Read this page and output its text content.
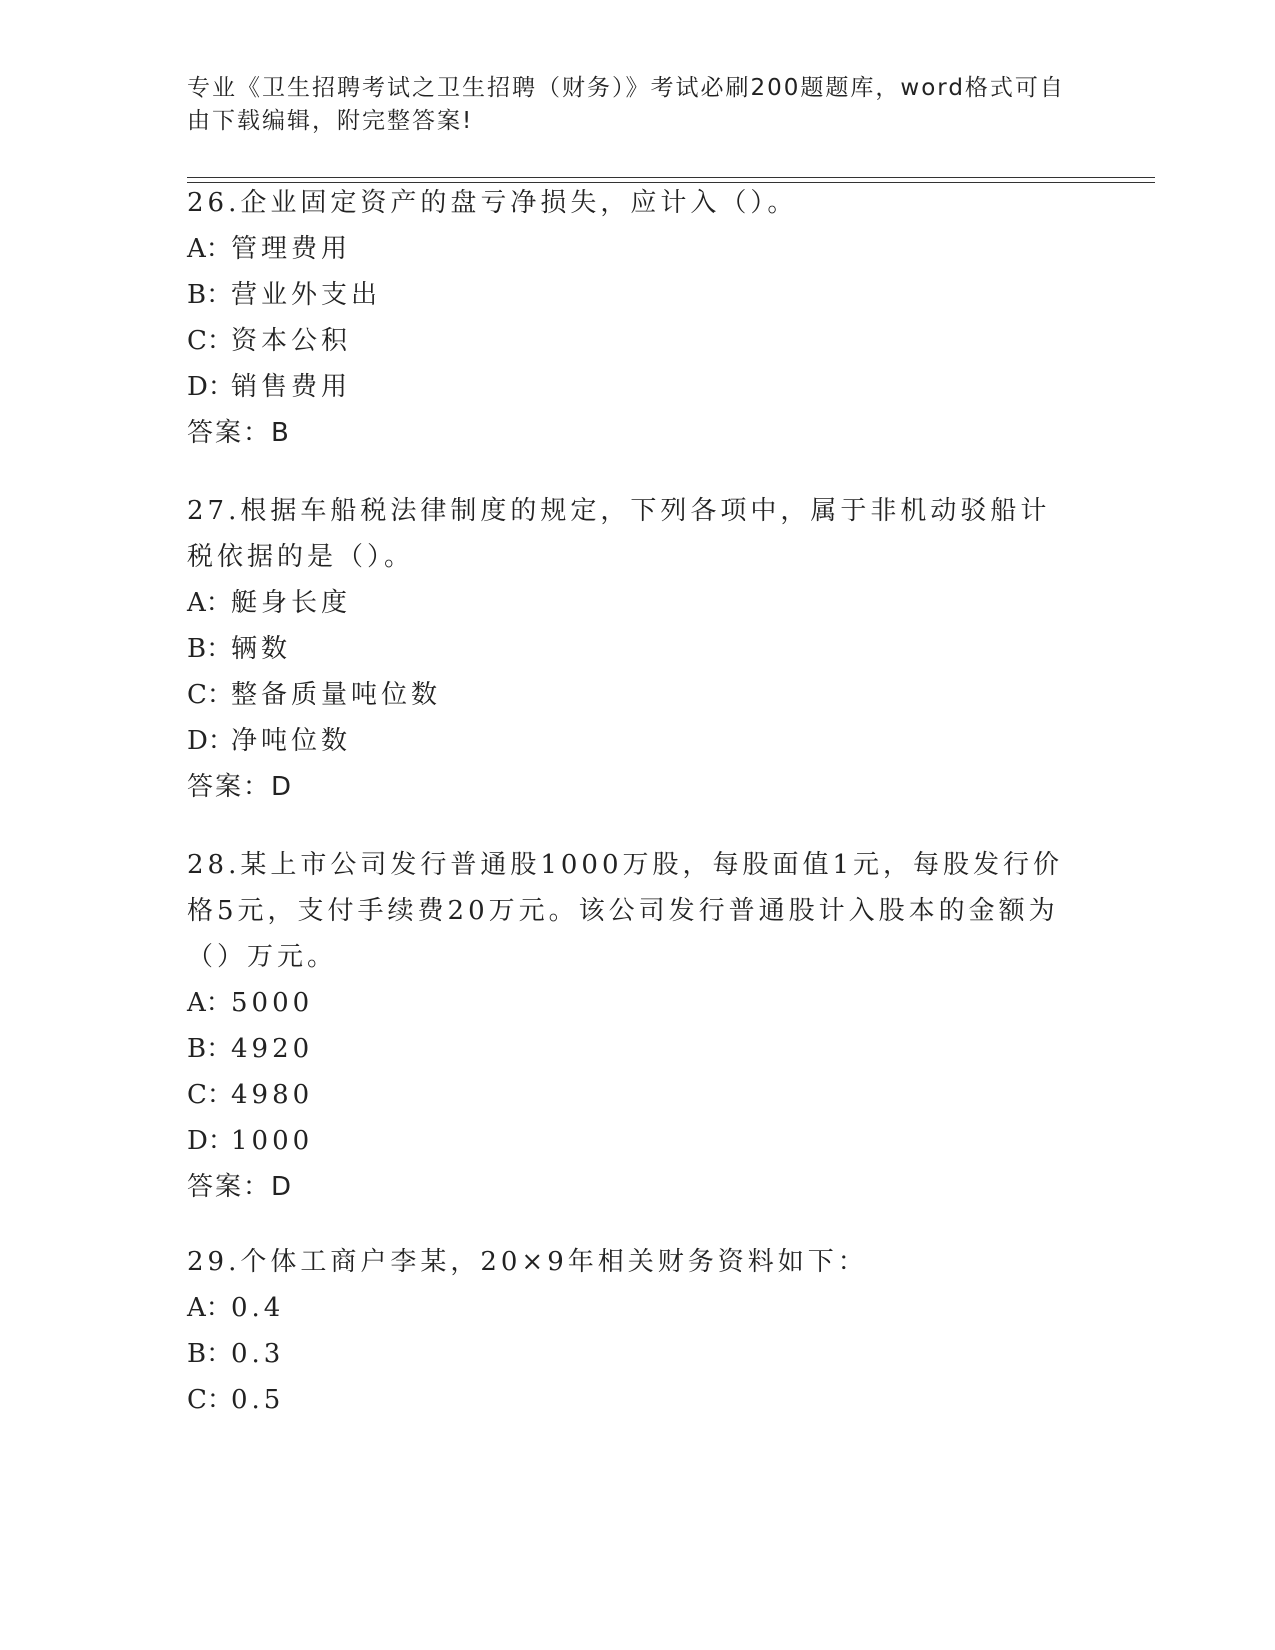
专业《卫生招聘考试之卫生招聘（财务）》考试必刷200题题库，word格式可自由下载编辑，附完整答案!

26.企业固定资产的盘亏净损失，应计入（）。

A：管理费用

B：营业外支出

C：资本公积

D：销售费用

答案：B

27.根据车船税法律制度的规定，下列各项中，属于非机动驳船计税依据的是（）。

A：艇身长度

B：辆数

C：整备质量吨位数

D：净吨位数

答案：D

28.某上市公司发行普通股1000万股，每股面值1元，每股发行价格5元，支付手续费20万元。该公司发行普通股计入股本的金额为（）万元。

A：5000

B：4920

C：4980

D：1000

答案：D

29.个体工商户李某，20×9年相关财务资料如下：

A：0.4

B：0.3

C：0.5
